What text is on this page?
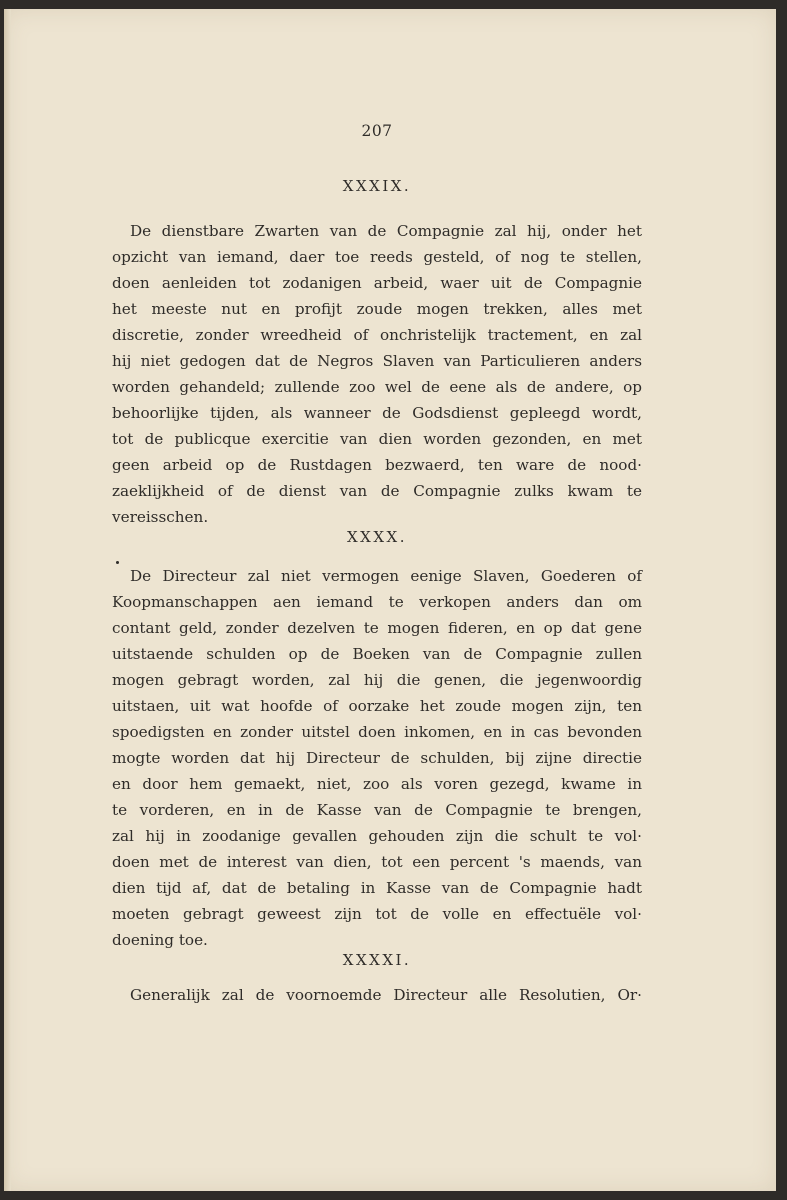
207
XXXIX.
De dienstbare Zwarten van de Compagnie zal hij, onder het
opzicht van iemand, daer toe reeds gesteld, of nog te stellen,
doen aenleiden tot zodanigen arbeid, waer uit de Compagnie
het meeste nut en profijt zoude mogen trekken, alles met
discretie, zonder wreedheid of onchristelijk tractement, en zal
hij niet gedogen dat de Negros Slaven van Particulieren anders
worden gehandeld; zullende zoo wel de eene als de andere, op
behoorlijke tijden, als wanneer de Godsdienst gepleegd wordt,
tot de publicque exercitie van dien worden gezonden, en met
geen arbeid op de Rustdagen bezwaerd, ten ware de nood·
zaeklijkheid of de dienst van de Compagnie zulks kwam te
vereisschen.
XXXX.
De Directeur zal niet vermogen eenige Slaven, Goederen of
Koopmanschappen aen iemand te verkopen anders dan om
contant geld, zonder dezelven te mogen fideren, en op dat gene
uitstaende schulden op de Boeken van de Compagnie zullen
mogen gebragt worden, zal hij die genen, die jegenwoordig
uitstaen, uit wat hoofde of oorzake het zoude mogen zijn, ten
spoedigsten en zonder uitstel doen inkomen, en in cas bevonden
mogte worden dat hij Directeur de schulden, bij zijne directie
en door hem gemaekt, niet, zoo als voren gezegd, kwame in
te vorderen, en in de Kasse van de Compagnie te brengen,
zal hij in zoodanige gevallen gehouden zijn die schult te vol·
doen met de interest van dien, tot een percent 's maends, van
dien tijd af, dat de betaling in Kasse van de Compagnie hadt
moeten gebragt geweest zijn tot de volle en effectuële vol·
doening toe.
XXXXI.
Generalijk zal de voornoemde Directeur alle Resolutien, Or·
